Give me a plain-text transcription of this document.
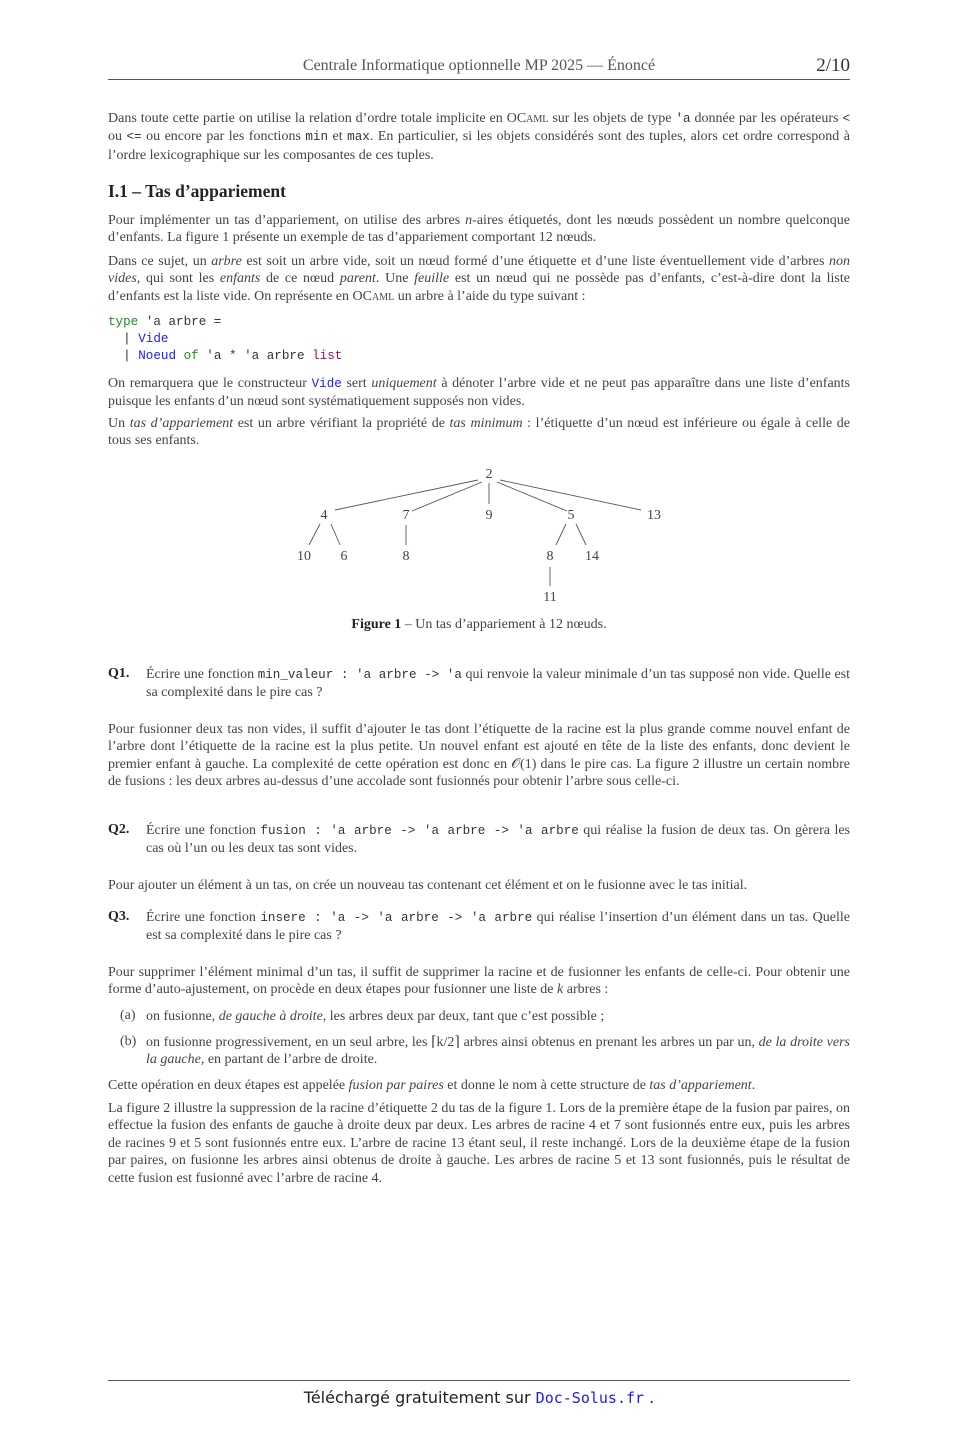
Centrale Informatique optionnelle MP 2025 — Énoncé	2/10

Dans toute cette partie on utilise la relation d’ordre totale implicite en OCaml sur les objets de type 'a donnée par les opérateurs < ou <= ou encore par les fonctions min et max. En particulier, si les objets considérés sont des tuples, alors cet ordre correspond à l’ordre lexicographique sur les composantes de ces tuples.

I.1 – Tas d’appariement

Pour implémenter un tas d’appariement, on utilise des arbres n-aires étiquetés, dont les nœuds possèdent un nombre quelconque d’enfants. La figure 1 présente un exemple de tas d’appariement comportant 12 nœuds.

Dans ce sujet, un arbre est soit un arbre vide, soit un nœud formé d’une étiquette et d’une liste éventuellement vide d’arbres non vides, qui sont les enfants de ce nœud parent. Une feuille est un nœud qui ne possède pas d’enfants, c’est-à-dire dont la liste d’enfants est la liste vide. On représente en OCaml un arbre à l’aide du type suivant :

type 'a arbre =
| Vide
| Noeud of 'a * 'a arbre list

On remarquera que le constructeur Vide sert uniquement à dénoter l’arbre vide et ne peut pas apparaître dans une liste d’enfants puisque les enfants d’un nœud sont systématiquement supposés non vides.

Un tas d’appariement est un arbre vérifiant la propriété de tas minimum : l’étiquette d’un nœud est inférieure ou égale à celle de tous ses enfants.

2
4	7	9	5	13
10 6	8	8 14
11
Figure 1 – Un tas d’appariement à 12 nœuds.
Q1. Écrire une fonction min_valeur : 'a arbre -> 'a qui renvoie la valeur minimale d’un tas supposé non vide. Quelle est sa complexité dans le pire cas ?

Pour fusionner deux tas non vides, il suffit d’ajouter le tas dont l’étiquette de la racine est la plus grande comme nouvel enfant de l’arbre dont l’étiquette de la racine est la plus petite. Un nouvel enfant est ajouté en tête de la liste des enfants, donc devient le premier enfant à gauche. La complexité de cette opération est donc en 𝒪(1) dans le pire cas. La figure 2 illustre un certain nombre de fusions : les deux arbres au-dessus d’une accolade sont fusionnés pour obtenir l’arbre sous celle-ci.

Q2. Écrire une fonction fusion : 'a arbre -> 'a arbre -> 'a arbre qui réalise la fusion de deux tas. On gèrera les cas où l’un ou les deux tas sont vides.

Pour ajouter un élément à un tas, on crée un nouveau tas contenant cet élément et on le fusionne avec le tas initial.

Q3. Écrire une fonction insere : 'a -> 'a arbre -> 'a arbre qui réalise l’insertion d’un élément dans un tas. Quelle est sa complexité dans le pire cas ?

Pour supprimer l’élément minimal d’un tas, il suffit de supprimer la racine et de fusionner les enfants de celle-ci. Pour obtenir une forme d’auto-ajustement, on procède en deux étapes pour fusionner une liste de k arbres :

(a) on fusionne, de gauche à droite, les arbres deux par deux, tant que c’est possible ;

(b) on fusionne progressivement, en un seul arbre, les ⌈k/2⌉ arbres ainsi obtenus en prenant les arbres un par un, de la droite vers la gauche, en partant de l’arbre de droite.

Cette opération en deux étapes est appelée fusion par paires et donne le nom à cette structure de tas d’appariement.

La figure 2 illustre la suppression de la racine d’étiquette 2 du tas de la figure 1. Lors de la première étape de la fusion par paires, on effectue la fusion des enfants de gauche à droite deux par deux. Les arbres de racine 4 et 7 sont fusionnés entre eux, puis les arbres de racines 9 et 5 sont fusionnés entre eux. L’arbre de racine 13 étant seul, il reste inchangé. Lors de la deuxième étape de la fusion par paires, on fusionne les arbres ainsi obtenus de droite à gauche. Les arbres de racine 5 et 13 sont fusionnés, puis le résultat de cette fusion est fusionné avec l’arbre de racine 4.

Téléchargé gratuitement sur Doc-Solus.fr .
